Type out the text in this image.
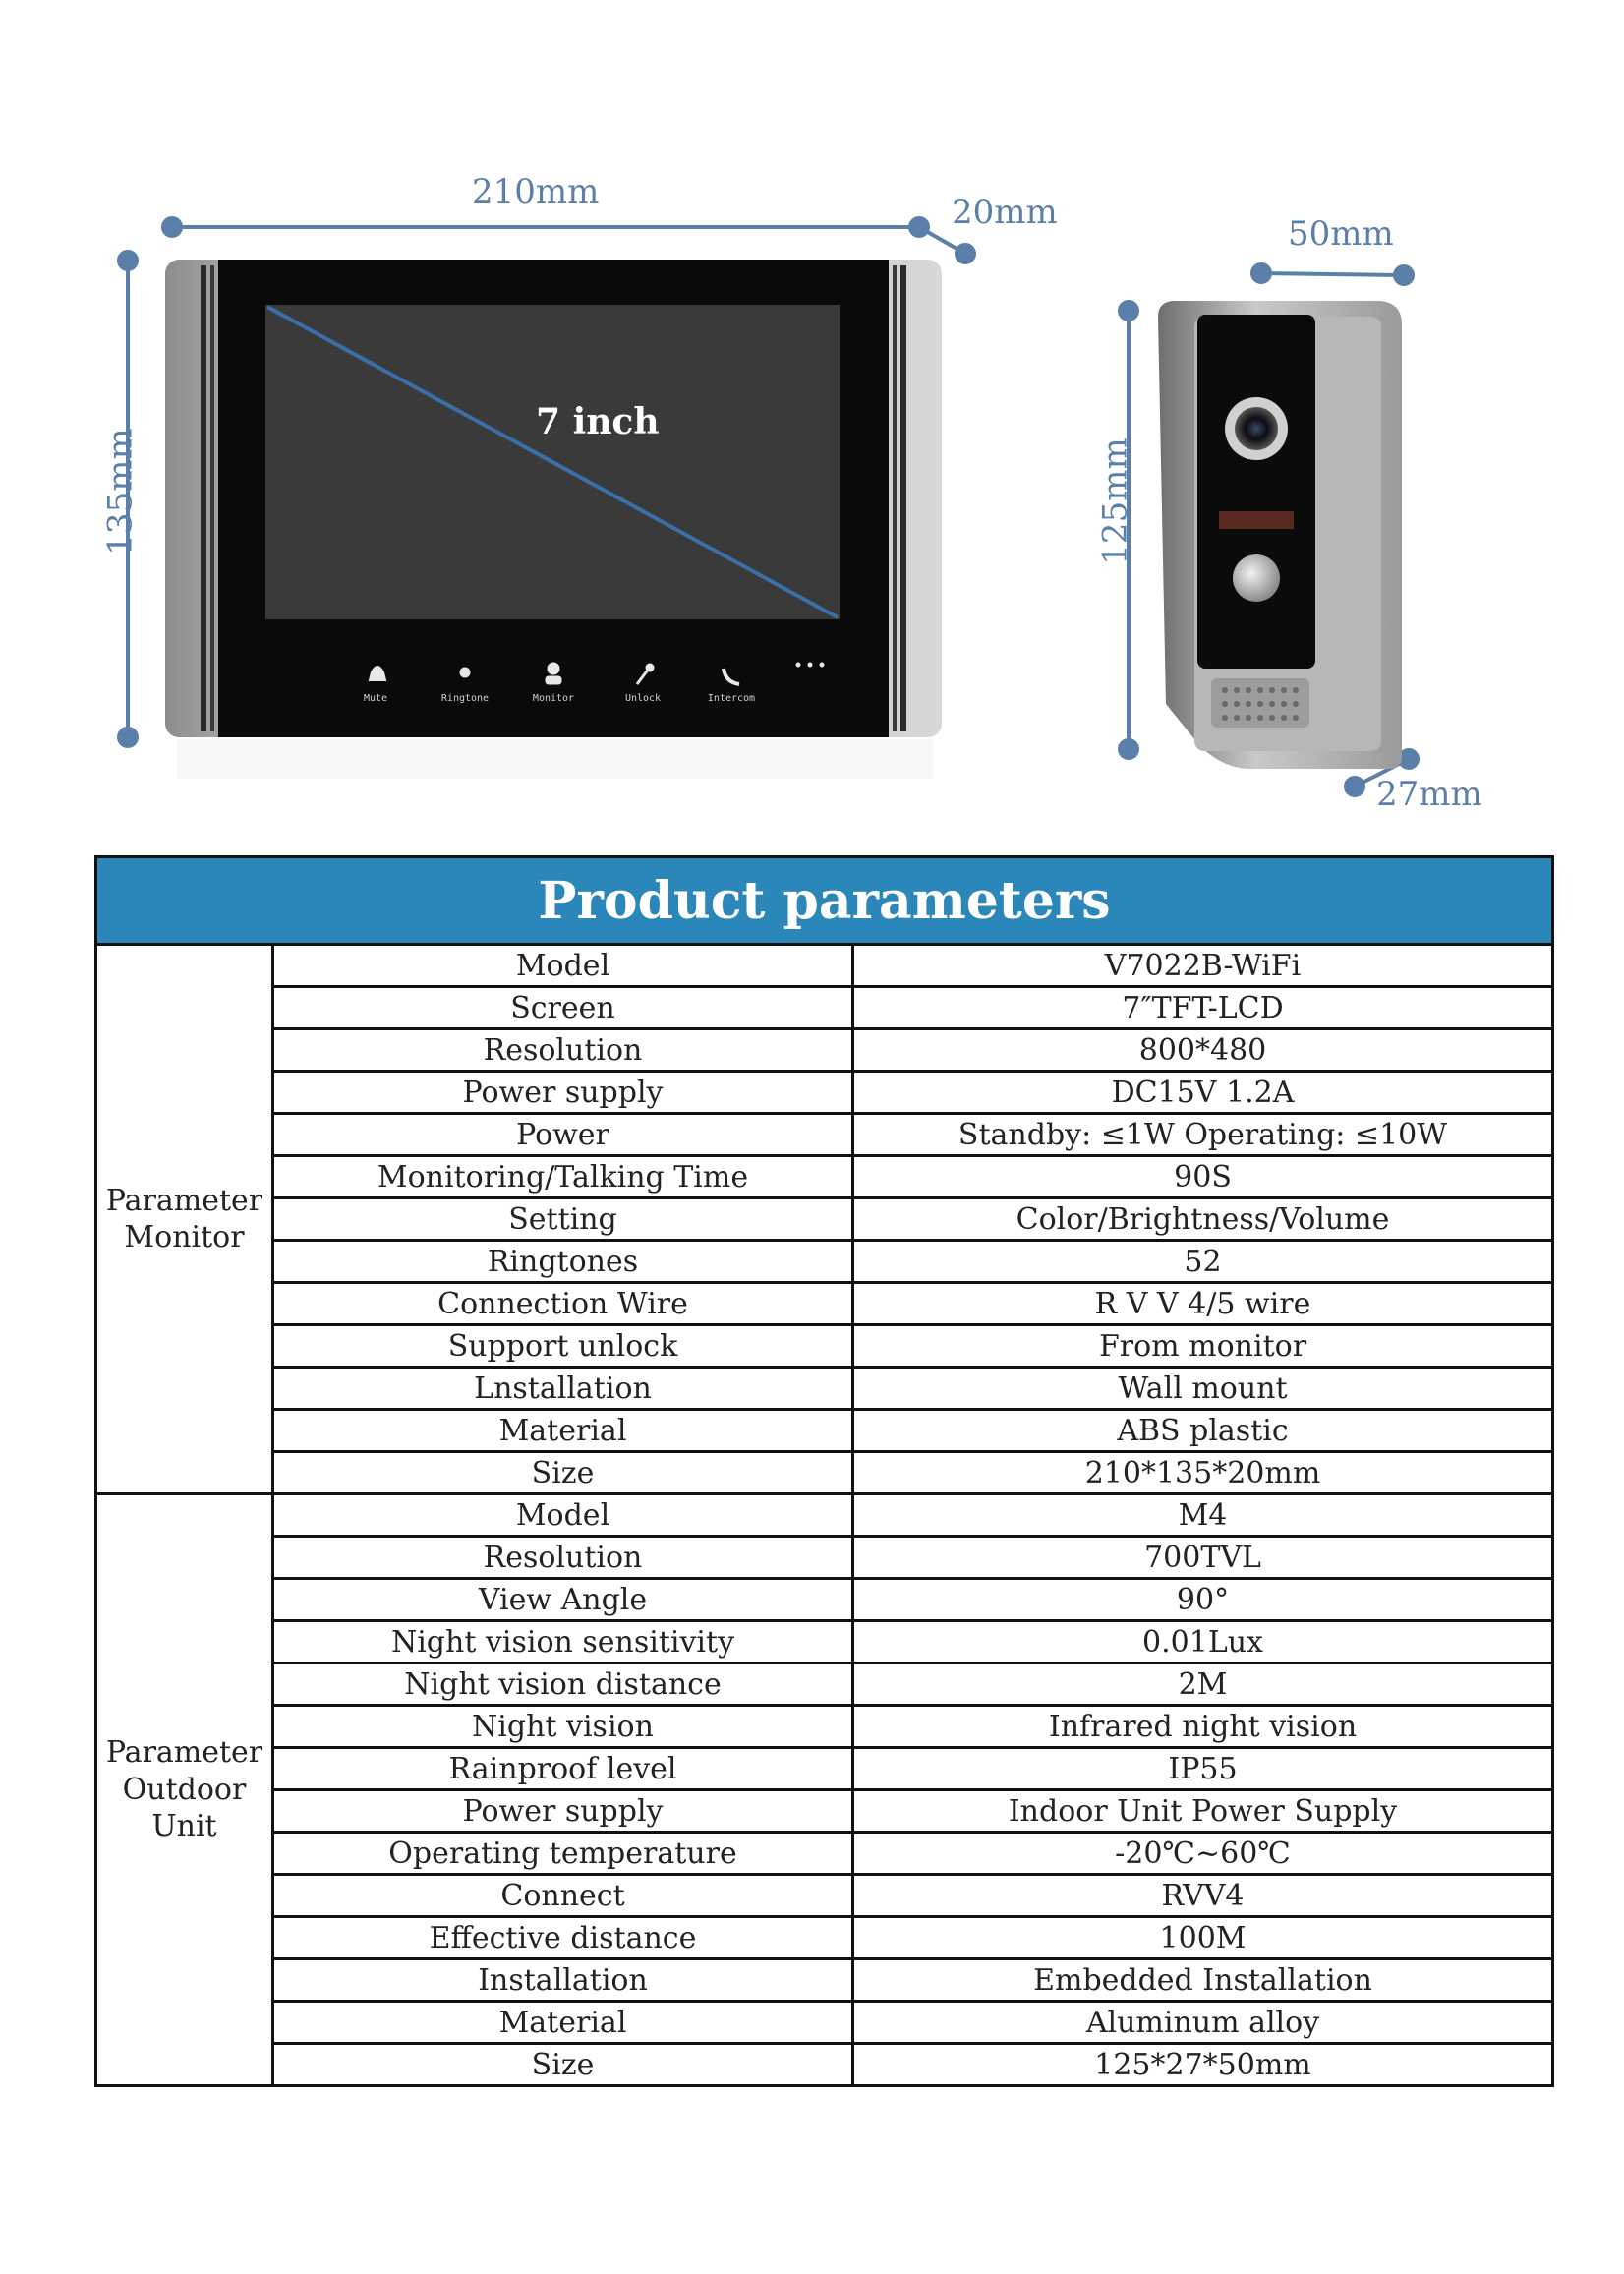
Mute	Ringtone	Monitor	Unlock	Intercom
210mm
20mm
135mm
7 inch
50mm
125mm
27mm
Product parameters		

Parameter
Monitor	Model	V7022B-WiFi
	Screen	7″TFT-LCD
	Resolution	800*480
	Power supply	DC15V 1.2A
	Power	Standby: ≤1W Operating: ≤10W
	Monitoring/Talking Time	90S
	Setting	Color/Brightness/Volume
	Ringtones	52
	Connection Wire	R V V 4/5 wire
	Support unlock	From monitor
	Lnstallation	Wall mount
	Material	ABS plastic
	Size	210*135*20mm

Parameter
Outdoor
Unit	Model	M4
	Resolution	700TVL
	View Angle	90°
	Night vision sensitivity	0.01Lux
	Night vision distance	2M
	Night vision	Infrared night vision
	Rainproof level	IP55
	Power supply	Indoor Unit Power Supply
	Operating temperature	-20℃~60℃
	Connect	RVV4
	Effective distance	100M
	Installation	Embedded Installation
	Material	Aluminum alloy
	Size	125*27*50mm
